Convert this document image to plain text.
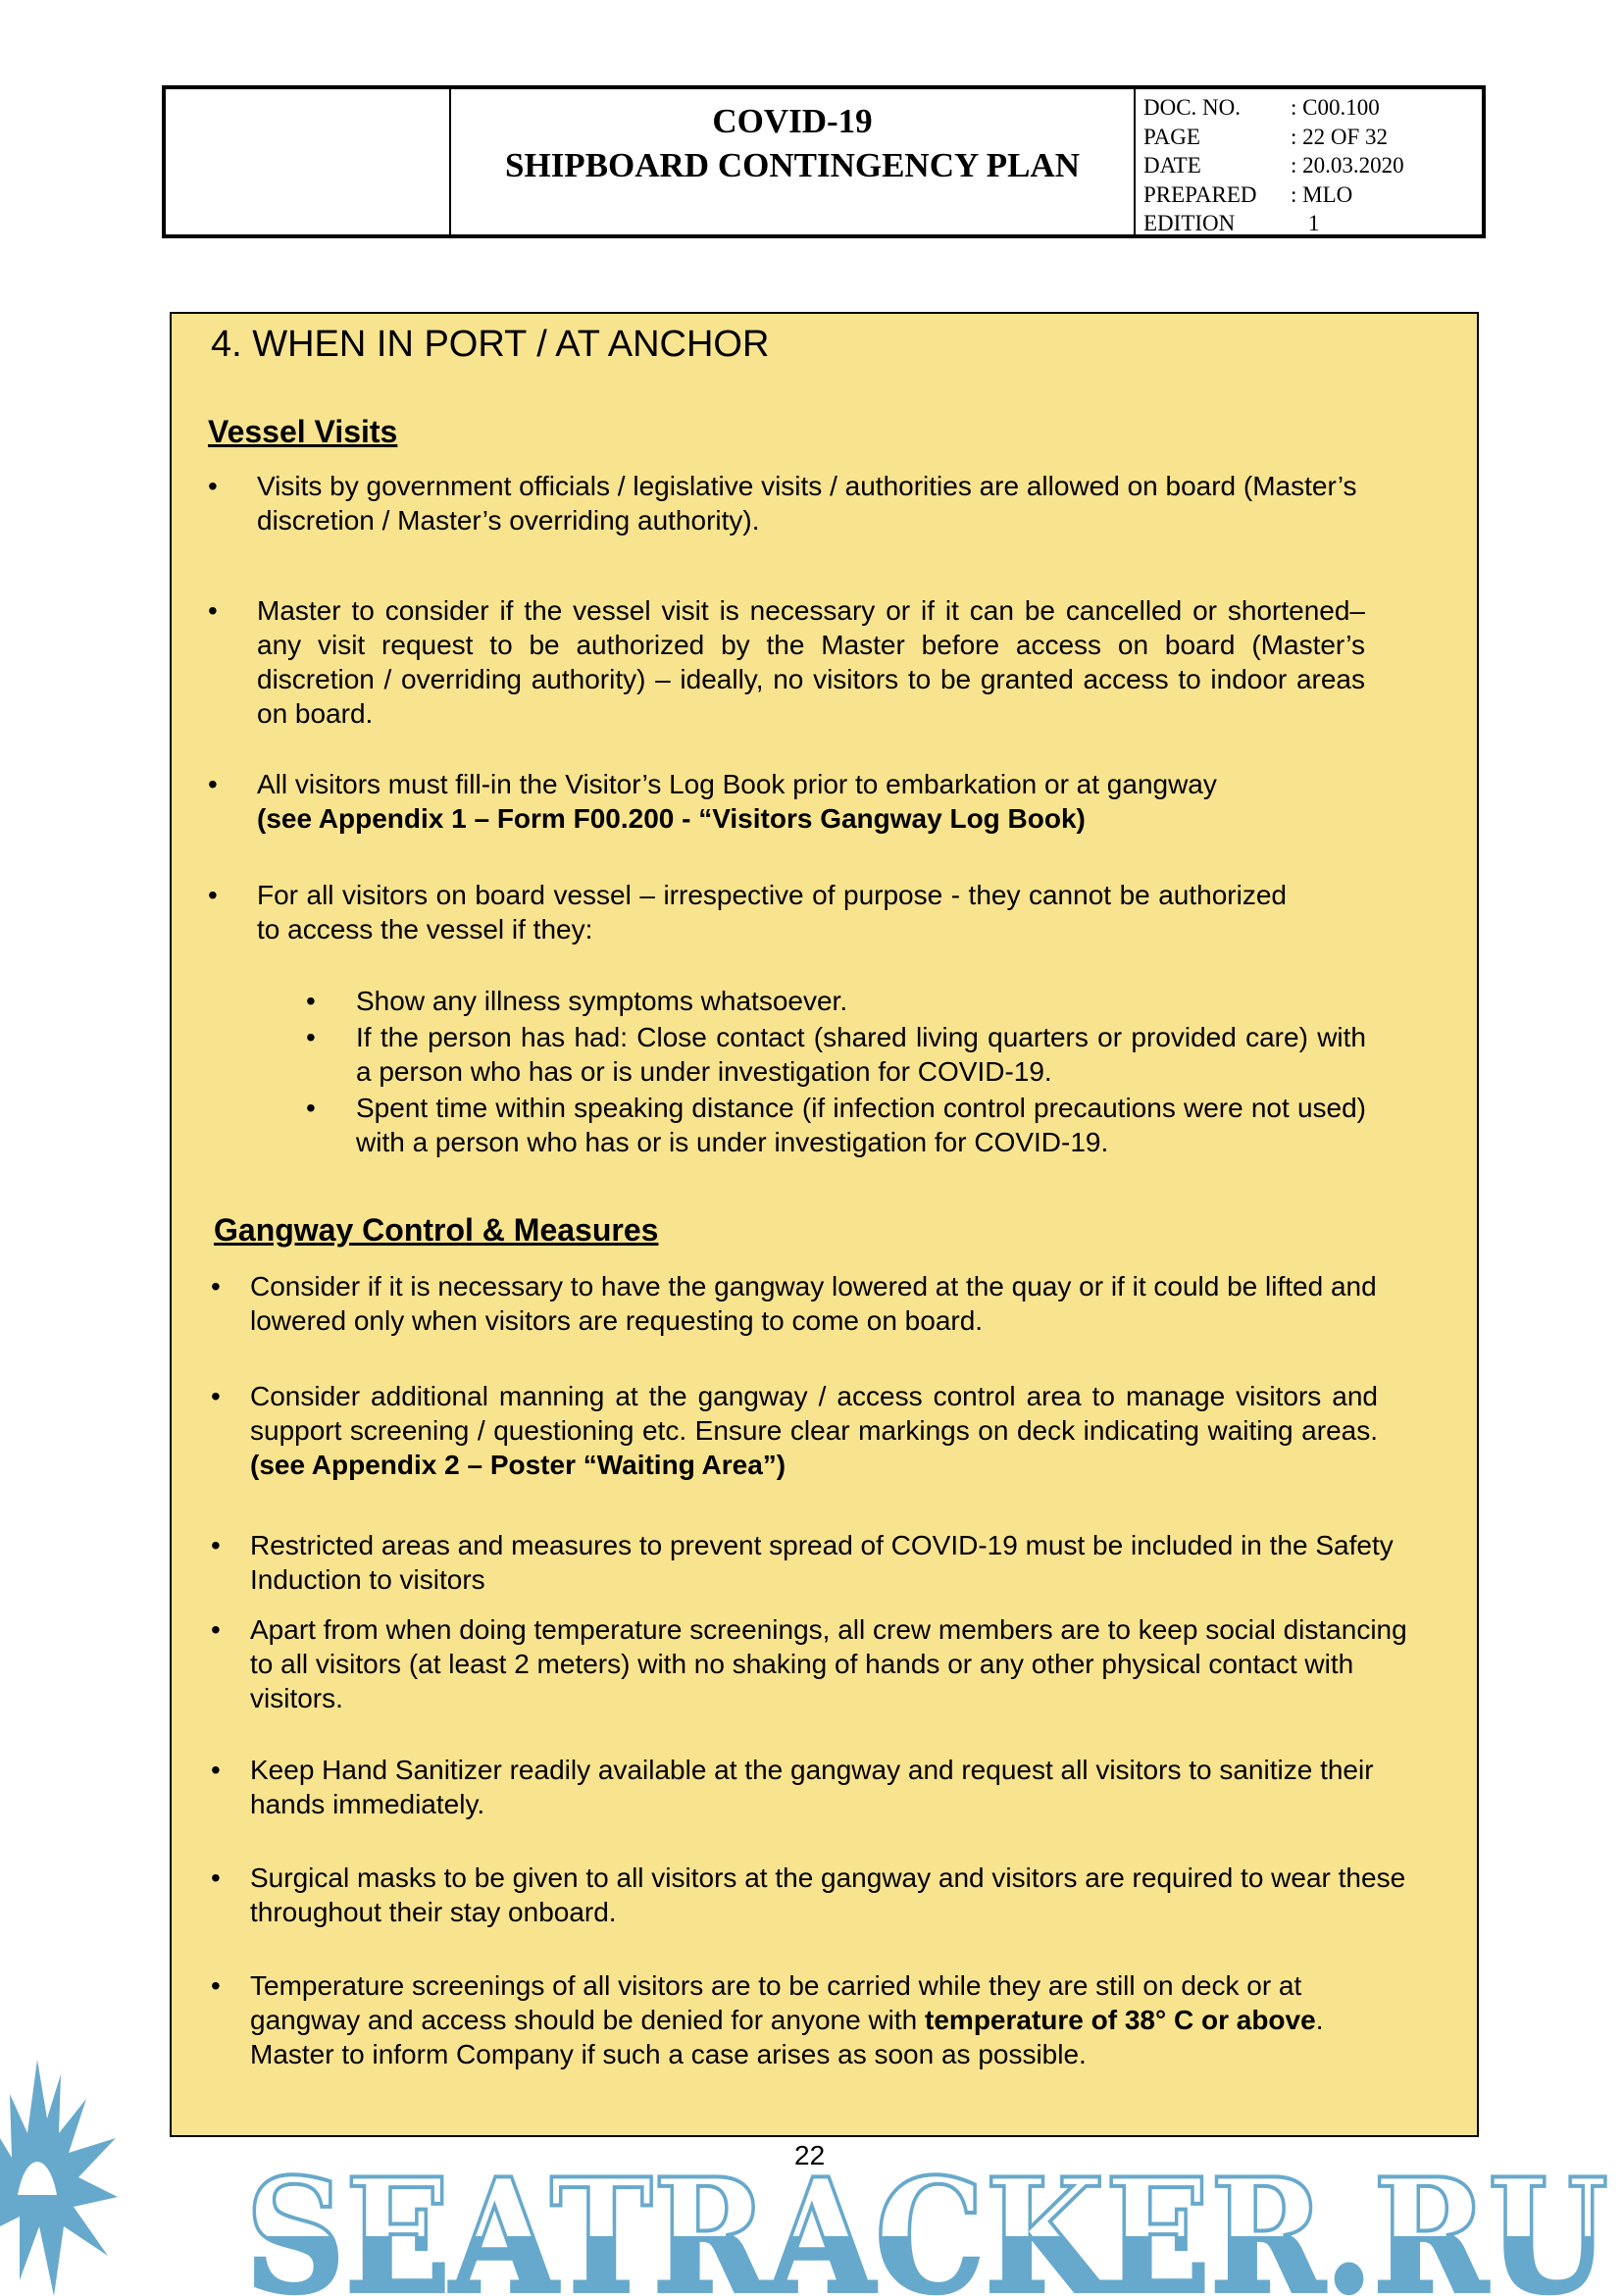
COVID-19
SHIPBOARD CONTINGENCY PLAN
DOC. NO.	: C00.100
PAGE	: 22 OF 32
DATE	: 20.03.2020
PREPARED	: MLO
EDITION	1
4. WHEN IN PORT / AT ANCHOR
Vessel Visits
• Visits by government officials / legislative visits / authorities are allowed on board (Master’s discretion / Master’s overriding authority).
• Master to consider if the vessel visit is necessary or if it can be cancelled or shortened– any visit request to be authorized by the Master before access on board (Master’s discretion / overriding authority) – ideally, no visitors to be granted access to indoor areas on board.
• All visitors must fill-in the Visitor’s Log Book prior to embarkation or at gangway
(see Appendix 1 – Form F00.200 - “Visitors Gangway Log Book)
• For all visitors on board vessel – irrespective of purpose - they cannot be authorized to access the vessel if they:
• Show any illness symptoms whatsoever.
• If the person has had: Close contact (shared living quarters or provided care) with a person who has or is under investigation for COVID-19.
• Spent time within speaking distance (if infection control precautions were not used) with a person who has or is under investigation for COVID-19.
Gangway Control & Measures
• Consider if it is necessary to have the gangway lowered at the quay or if it could be lifted and lowered only when visitors are requesting to come on board.
• Consider additional manning at the gangway / access control area to manage visitors and support screening / questioning etc. Ensure clear markings on deck indicating waiting areas. (see Appendix 2 – Poster “Waiting Area”)
• Restricted areas and measures to prevent spread of COVID-19 must be included in the Safety Induction to visitors
• Apart from when doing temperature screenings, all crew members are to keep social distancing to all visitors (at least 2 meters) with no shaking of hands or any other physical contact with visitors.
• Keep Hand Sanitizer readily available at the gangway and request all visitors to sanitize their hands immediately.
• Surgical masks to be given to all visitors at the gangway and visitors are required to wear these throughout their stay onboard.
• Temperature screenings of all visitors are to be carried while they are still on deck or at gangway and access should be denied for anyone with temperature of 38° C or above. Master to inform Company if such a case arises as soon as possible.
SEATRACKER.RU
22
